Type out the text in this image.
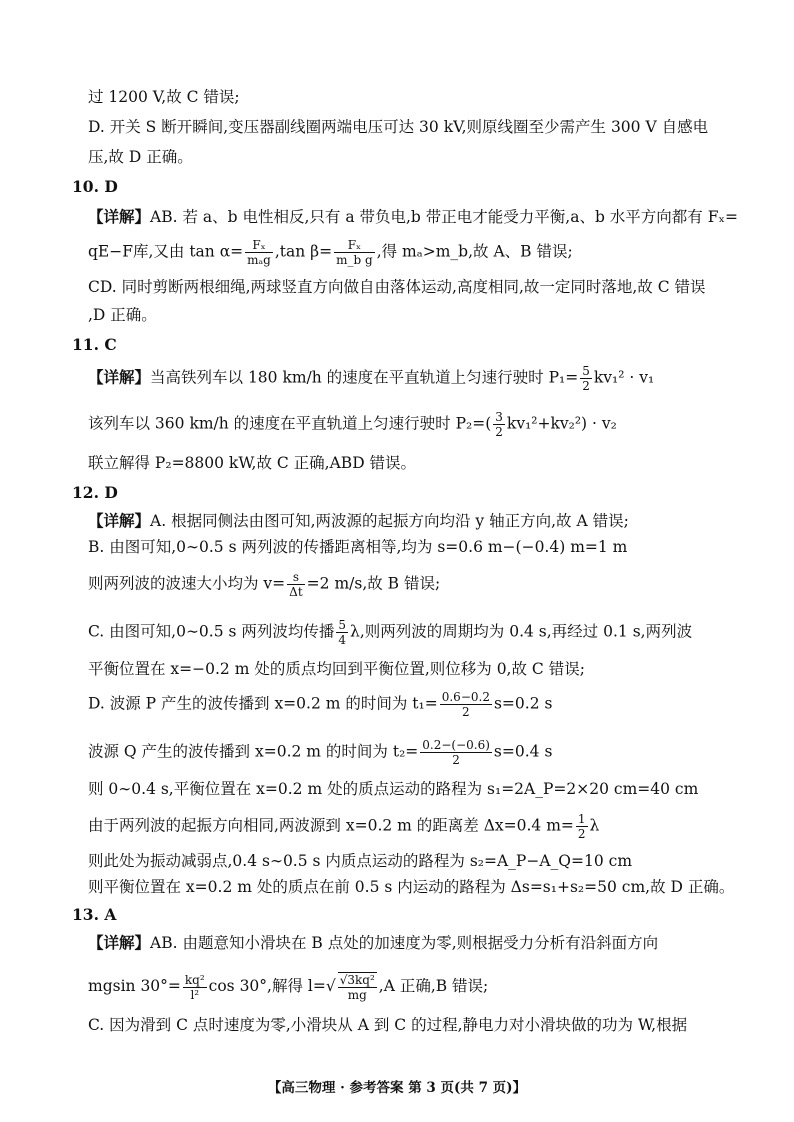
过 1200 V,故 C 错误;
D. 开关 S 断开瞬间,变压器副线圈两端电压可达 30 kV,则原线圈至少需产生 300 V 自感电
压,故 D 正确。
10. D
【详解】AB. 若 a、b 电性相反,只有 a 带负电,b 带正电才能受力平衡,a、b 水平方向都有 Fₓ=
qE−F库,又由 $\tan \alpha= \frac{\text{Fₓ}}{\text{mₐg}} ,\tan$ $\beta= \frac{\text{Fₓ}}{\text{m\_b g}}$ ,得 mₐ>m_b,故 A、B 错误;
CD. 同时剪断两根细绳,两球竖直方向做自由落体运动,高度相同,故一定同时落地,故 C 错误
,D 正确。
11. C
【详解】当高铁列车以 180 km/h 的速度在平直轨道上匀速行驶时 $P_1= \frac{5}{2} kv_1^2 \cdot v_1$
该列车以 360 km/h 的速度在平直轨道上匀速行驶时 $P_2=( \frac{3}{2} kv_1^2+kv_2^2) \cdot v_2$
联立解得 P₂=8800 kW,故 C 正确,ABD 错误。
12. D
【详解】A. 根据同侧法由图可知,两波源的起振方向均沿 y 轴正方向,故 A 错误;
B. 由图可知,0∼0.5 s 两列波的传播距离相等,均为 s=0.6 m−(−0.4) m=1 m
则两列波的波速大小均为 $v= \frac{s}{\Delta t} =2$ m/s,故 B 错误;
C. 由图可知,0∼0.5 s 两列波均传播 $\frac{5}{4} \lambda$,则两列波的周期均为 0.4 s,再经过 0.1 s,两列波
平衡位置在 x=−0.2 m 处的质点均回到平衡位置,则位移为 0,故 C 错误;
D. 波源 P 产生的波传播到 x=0.2 m 的时间为 $t_1= \frac{0.6-0.2}{2} s=0.2$ s
波源 Q 产生的波传播到 x=0.2 m 的时间为 $t_2= \frac{0.2-(-0.6)}{2} s=0.4$ s
则 0∼0.4 s,平衡位置在 x=0.2 m 处的质点运动的路程为 s₁=2A_P=2×20 cm=40 cm
由于两列波的起振方向相同,两波源到 x=0.2 m 的距离差 Δx=0.4 $m= \frac{1}{2}$ λ
则此处为振动减弱点,0.4 s∼0.5 s 内质点运动的路程为 s₂=A_P−A_Q=10 cm
则平衡位置在 x=0.2 m 处的质点在前 0.5 s 内运动的路程为 Δs=s₁+s₂=50 cm,故 D 正确。
13. A
【详解】AB. 由题意知小滑块在 B 点处的加速度为零,则根据受力分析有沿斜面方向
mgsin $30^\circ= \frac{\text{kq²}}{\text{l²}}$ cos 30°,解得 $l=√ \frac{\text{√3kq²}}{mg} ,A$ 正确,B 错误;
C. 因为滑到 C 点时速度为零,小滑块从 A 到 C 的过程,静电力对小滑块做的功为 W,根据
【高三物理 · 参考答案 第 3 页(共 7 页)】
